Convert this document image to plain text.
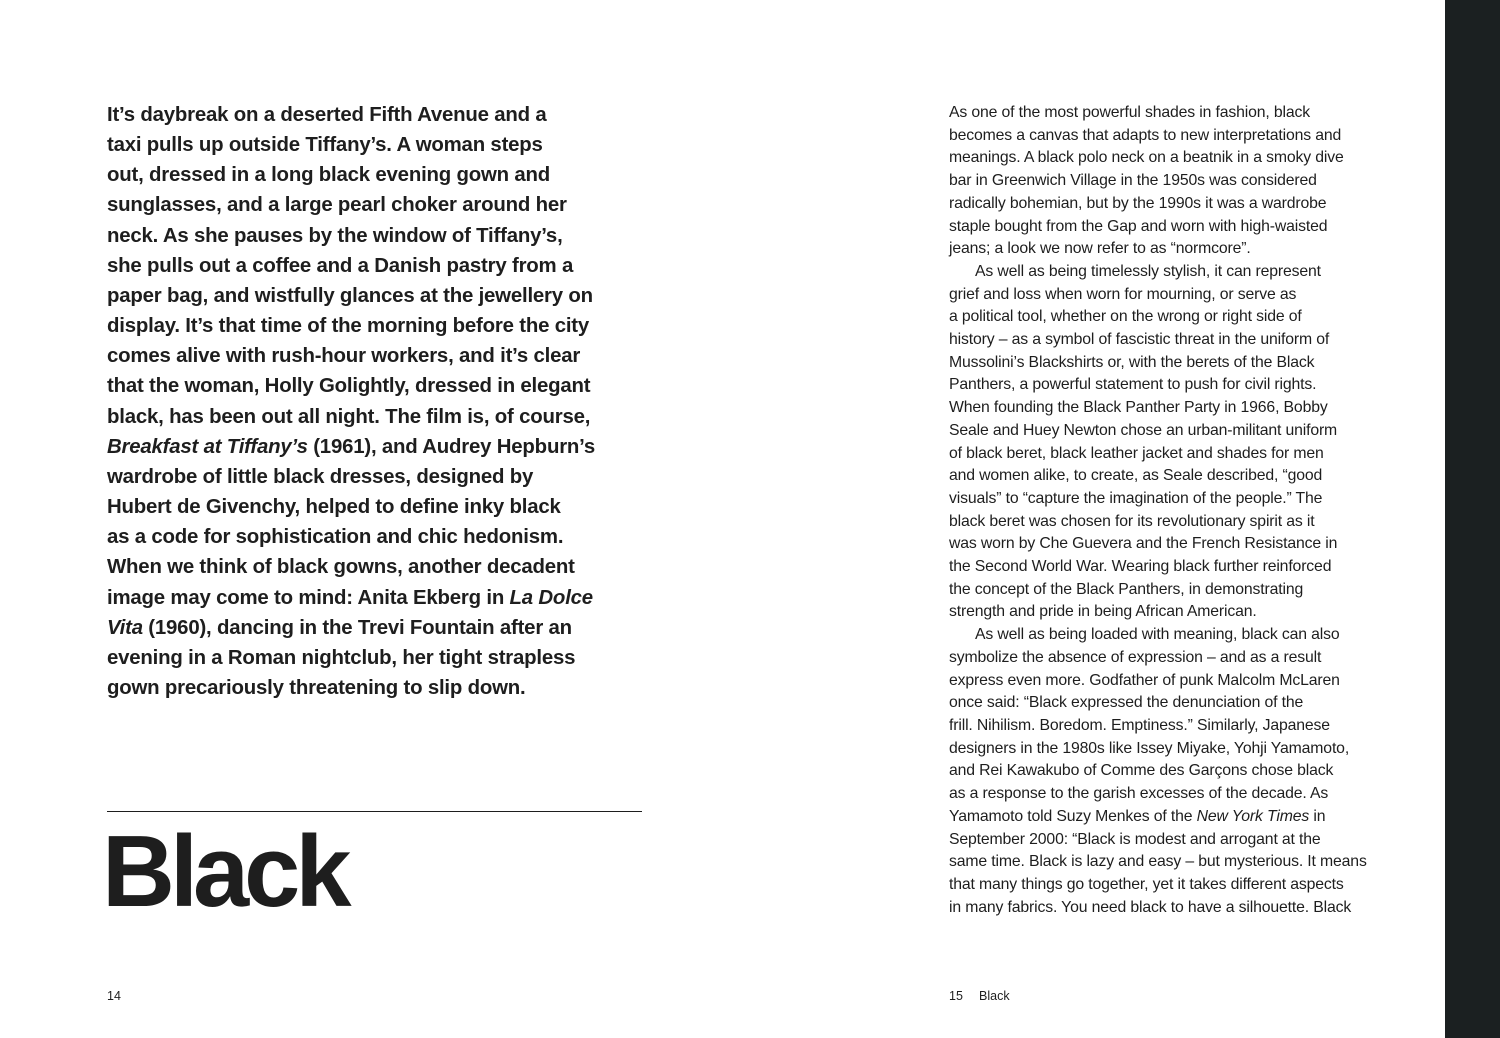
It’s daybreak on a deserted Fifth Avenue and a
taxi pulls up outside Tiffany’s. A woman steps
out, dressed in a long black evening gown and
sunglasses, and a large pearl choker around her
neck. As she pauses by the window of Tiffany’s,
she pulls out a coffee and a Danish pastry from a
paper bag, and wistfully glances at the jewellery on
display. It’s that time of the morning before the city
comes alive with rush-hour workers, and it’s clear
that the woman, Holly Golightly, dressed in elegant
black, has been out all night. The film is, of course,
Breakfast at Tiffany’s (1961), and Audrey Hepburn’s
wardrobe of little black dresses, designed by
Hubert de Givenchy, helped to define inky black
as a code for sophistication and chic hedonism.
When we think of black gowns, another decadent
image may come to mind: Anita Ekberg in La Dolce
Vita (1960), dancing in the Trevi Fountain after an
evening in a Roman nightclub, her tight strapless
gown precariously threatening to slip down.
Black
14
As one of the most powerful shades in fashion, black
becomes a canvas that adapts to new interpretations and
meanings. A black polo neck on a beatnik in a smoky dive
bar in Greenwich Village in the 1950s was considered
radically bohemian, but by the 1990s it was a wardrobe
staple bought from the Gap and worn with high-waisted
jeans; a look we now refer to as “normcore”.
As well as being timelessly stylish, it can represent
grief and loss when worn for mourning, or serve as
a political tool, whether on the wrong or right side of
history – as a symbol of fascistic threat in the uniform of
Mussolini’s Blackshirts or, with the berets of the Black
Panthers, a powerful statement to push for civil rights.
When founding the Black Panther Party in 1966, Bobby
Seale and Huey Newton chose an urban-militant uniform
of black beret, black leather jacket and shades for men
and women alike, to create, as Seale described, “good
visuals” to “capture the imagination of the people.” The
black beret was chosen for its revolutionary spirit as it
was worn by Che Guevera and the French Resistance in
the Second World War. Wearing black further reinforced
the concept of the Black Panthers, in demonstrating
strength and pride in being African American.
As well as being loaded with meaning, black can also
symbolize the absence of expression – and as a result
express even more. Godfather of punk Malcolm McLaren
once said: “Black expressed the denunciation of the
frill. Nihilism. Boredom. Emptiness.” Similarly, Japanese
designers in the 1980s like Issey Miyake, Yohji Yamamoto,
and Rei Kawakubo of Comme des Garçons chose black
as a response to the garish excesses of the decade. As
Yamamoto told Suzy Menkes of the New York Times in
September 2000: “Black is modest and arrogant at the
same time. Black is lazy and easy – but mysterious. It means
that many things go together, yet it takes different aspects
in many fabrics. You need black to have a silhouette. Black
15 Black
